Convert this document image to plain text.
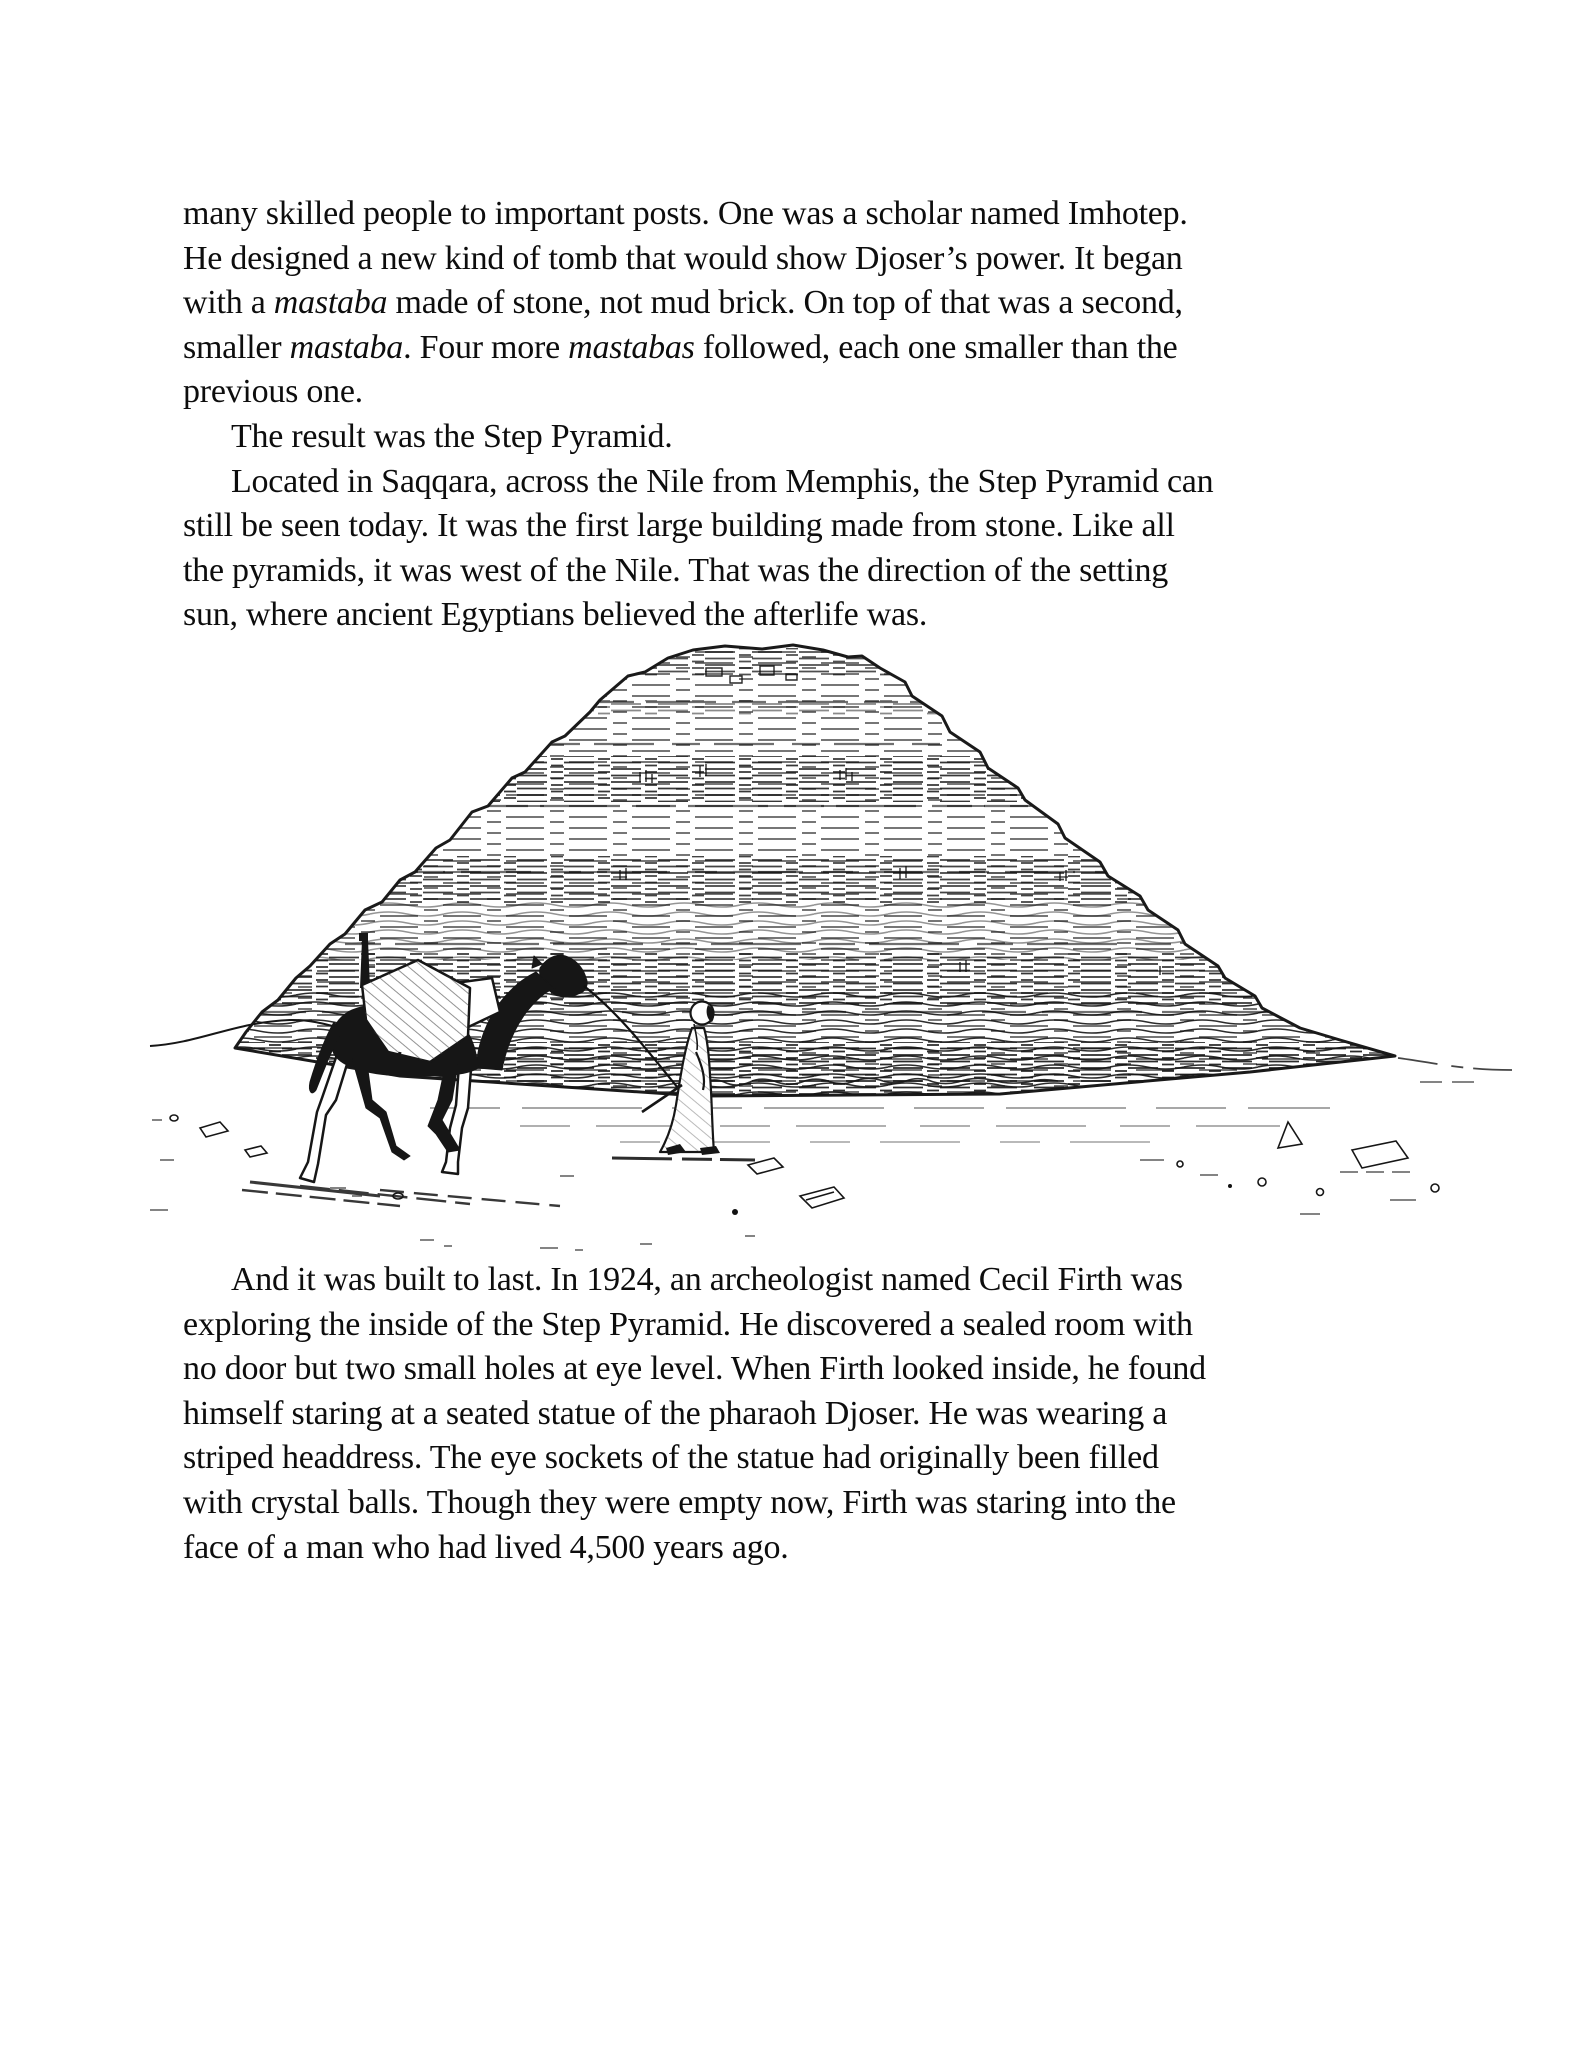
many skilled people to important posts. One was a scholar named Imhotep.
He designed a new kind of tomb that would show Djoser’s power. It began
with a mastaba made of stone, not mud brick. On top of that was a second,
smaller mastaba. Four more mastabas followed, each one smaller than the
previous one.

The result was the Step Pyramid.

Located in Saqqara, across the Nile from Memphis, the Step Pyramid can
still be seen today. It was the first large building made from stone. Like all
the pyramids, it was west of the Nile. That was the direction of the setting
sun, where ancient Egyptians believed the afterlife was.

And it was built to last. In 1924, an archeologist named Cecil Firth was
exploring the inside of the Step Pyramid. He discovered a sealed room with
no door but two small holes at eye level. When Firth looked inside, he found
himself staring at a seated statue of the pharaoh Djoser. He was wearing a
striped headdress. The eye sockets of the statue had originally been filled
with crystal balls. Though they were empty now, Firth was staring into the
face of a man who had lived 4,500 years ago.
